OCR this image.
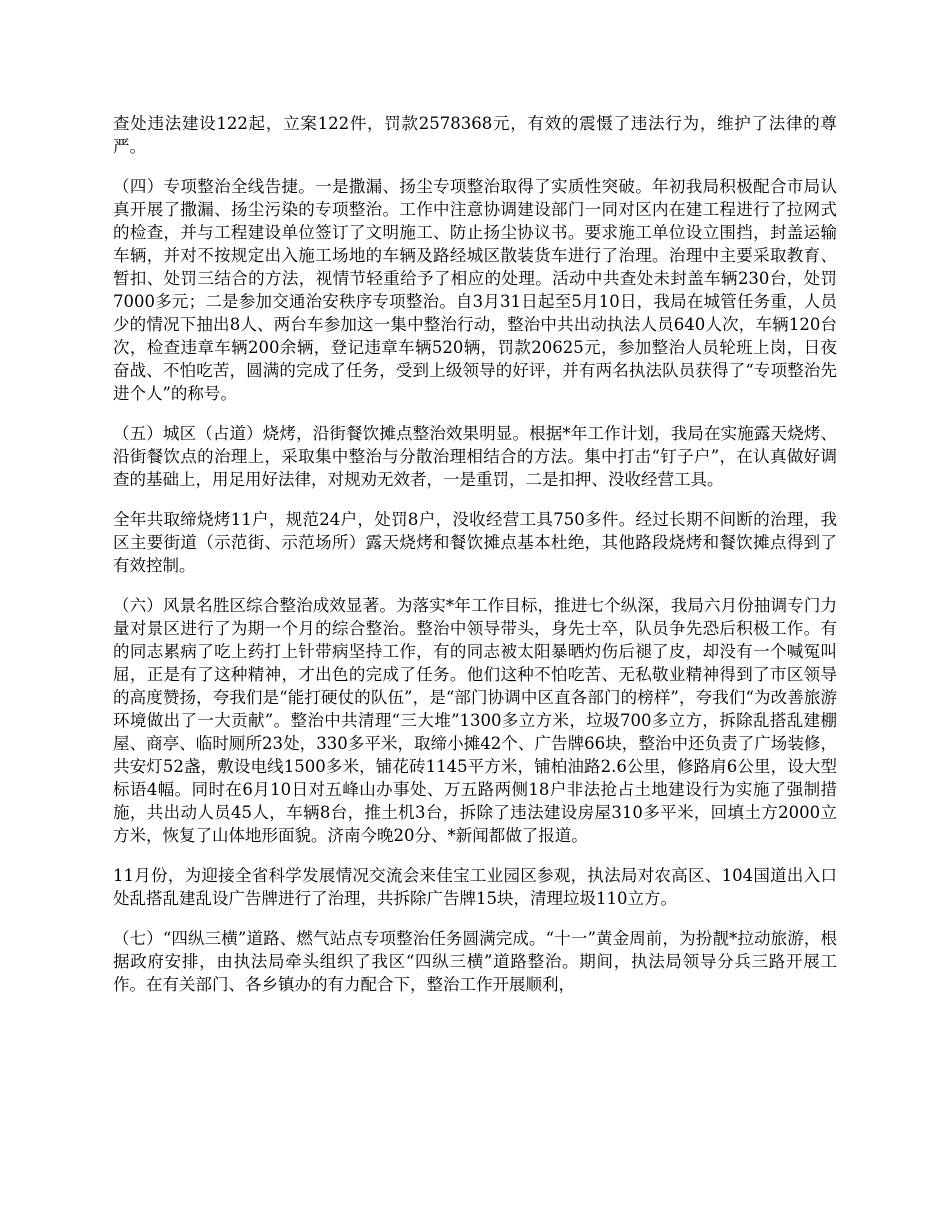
查处违法建设122起，立案122件，罚款2578368元，有效的震慑了违法行为，维护了法律的尊严。

（四）专项整治全线告捷。一是撒漏、扬尘专项整治取得了实质性突破。年初我局积极配合市局认真开展了撒漏、扬尘污染的专项整治。工作中注意协调建设部门一同对区内在建工程进行了拉网式的检查，并与工程建设单位签订了文明施工、防止扬尘协议书。要求施工单位设立围挡，封盖运输车辆，并对不按规定出入施工场地的车辆及路经城区散装货车进行了治理。治理中主要采取教育、暂扣、处罚三结合的方法，视情节轻重给予了相应的处理。活动中共查处未封盖车辆230台，处罚7000多元；二是参加交通治安秩序专项整治。自3月31日起至5月10日，我局在城管任务重，人员少的情况下抽出8人、两台车参加这一集中整治行动，整治中共出动执法人员640人次，车辆120台次，检查违章车辆200余辆，登记违章车辆520辆，罚款20625元，参加整治人员轮班上岗，日夜奋战、不怕吃苦，圆满的完成了任务，受到上级领导的好评，并有两名执法队员获得了“专项整治先进个人”的称号。

（五）城区（占道）烧烤，沿街餐饮摊点整治效果明显。根据*年工作计划，我局在实施露天烧烤、沿街餐饮点的治理上，采取集中整治与分散治理相结合的方法。集中打击“钉子户”，在认真做好调查的基础上，用足用好法律，对规劝无效者，一是重罚，二是扣押、没收经营工具。

全年共取缔烧烤11户，规范24户，处罚8户，没收经营工具750多件。经过长期不间断的治理，我区主要街道（示范街、示范场所）露天烧烤和餐饮摊点基本杜绝，其他路段烧烤和餐饮摊点得到了有效控制。

（六）风景名胜区综合整治成效显著。为落实*年工作目标，推进七个纵深，我局六月份抽调专门力量对景区进行了为期一个月的综合整治。整治中领导带头，身先士卒，队员争先恐后积极工作。有的同志累病了吃上药打上针带病坚持工作，有的同志被太阳暴晒灼伤后褪了皮，却没有一个喊冤叫屈，正是有了这种精神，才出色的完成了任务。他们这种不怕吃苦、无私敬业精神得到了市区领导的高度赞扬，夸我们是“能打硬仗的队伍”，是“部门协调中区直各部门的榜样”，夸我们“为改善旅游环境做出了一大贡献”。整治中共清理“三大堆”1300多立方米，垃圾700多立方，拆除乱搭乱建棚屋、商亭、临时厕所23处，330多平米，取缔小摊42个、广告牌66块，整治中还负责了广场装修，共安灯52盏，敷设电线1500多米，铺花砖1145平方米，铺柏油路2.6公里，修路肩6公里，设大型标语4幅。同时在6月10日对五峰山办事处、万五路两侧18户非法抢占土地建设行为实施了强制措施，共出动人员45人，车辆8台，推土机3台，拆除了违法建设房屋310多平米，回填土方2000立方米，恢复了山体地形面貌。济南今晚20分、*新闻都做了报道。

11月份，为迎接全省科学发展情况交流会来佳宝工业园区参观，执法局对农高区、104国道出入口处乱搭乱建乱设广告牌进行了治理，共拆除广告牌15块，清理垃圾110立方。

（七）“四纵三横”道路、燃气站点专项整治任务圆满完成。“十一”黄金周前，为扮靓*拉动旅游，根据政府安排，由执法局牵头组织了我区“四纵三横”道路整治。期间，执法局领导分兵三路开展工作。在有关部门、各乡镇办的有力配合下，整治工作开展顺利，
